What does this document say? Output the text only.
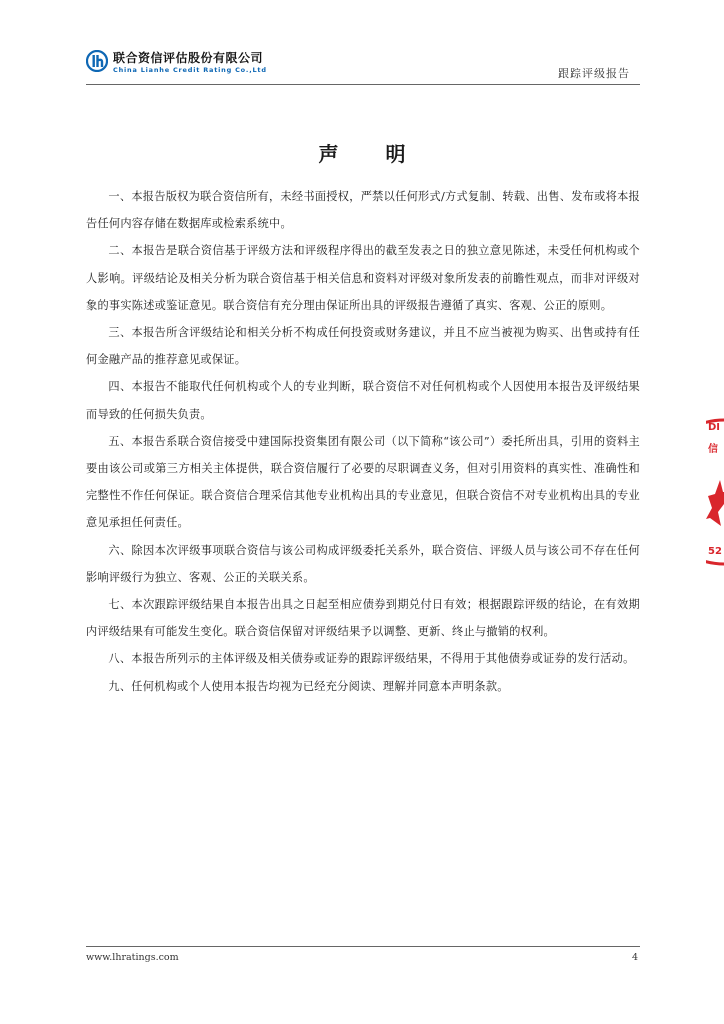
联合资信评估股份有限公司
China Lianhe Credit Rating Co.,Ltd	跟踪评级报告
声 明

一、本报告版权为联合资信所有，未经书面授权，严禁以任何形式/方式复制、转载、出售、发布或将本报告任何内容存储在数据库或检索系统中。

二、本报告是联合资信基于评级方法和评级程序得出的截至发表之日的独立意见陈述，未受任何机构或个人影响。评级结论及相关分析为联合资信基于相关信息和资料对评级对象所发表的前瞻性观点，而非对评级对象的事实陈述或鉴证意见。联合资信有充分理由保证所出具的评级报告遵循了真实、客观、公正的原则。

三、本报告所含评级结论和相关分析不构成任何投资或财务建议，并且不应当被视为购买、出售或持有任何金融产品的推荐意见或保证。

四、本报告不能取代任何机构或个人的专业判断，联合资信不对任何机构或个人因使用本报告及评级结果而导致的任何损失负责。

五、本报告系联合资信接受中建国际投资集团有限公司（以下简称“该公司”）委托所出具，引用的资料主要由该公司或第三方相关主体提供，联合资信履行了必要的尽职调查义务，但对引用资料的真实性、准确性和完整性不作任何保证。联合资信合理采信其他专业机构出具的专业意见，但联合资信不对专业机构出具的专业意见承担任何责任。

六、除因本次评级事项联合资信与该公司构成评级委托关系外，联合资信、评级人员与该公司不存在任何影响评级行为独立、客观、公正的关联关系。

七、本次跟踪评级结果自本报告出具之日起至相应债券到期兑付日有效；根据跟踪评级的结论，在有效期内评级结果有可能发生变化。联合资信保留对评级结果予以调整、更新、终止与撤销的权利。

八、本报告所列示的主体评级及相关债券或证券的跟踪评级结果，不得用于其他债券或证券的发行活动。

九、任何机构或个人使用本报告均视为已经充分阅读、理解并同意本声明条款。

DI
信
52
www.lhratings.com	4
